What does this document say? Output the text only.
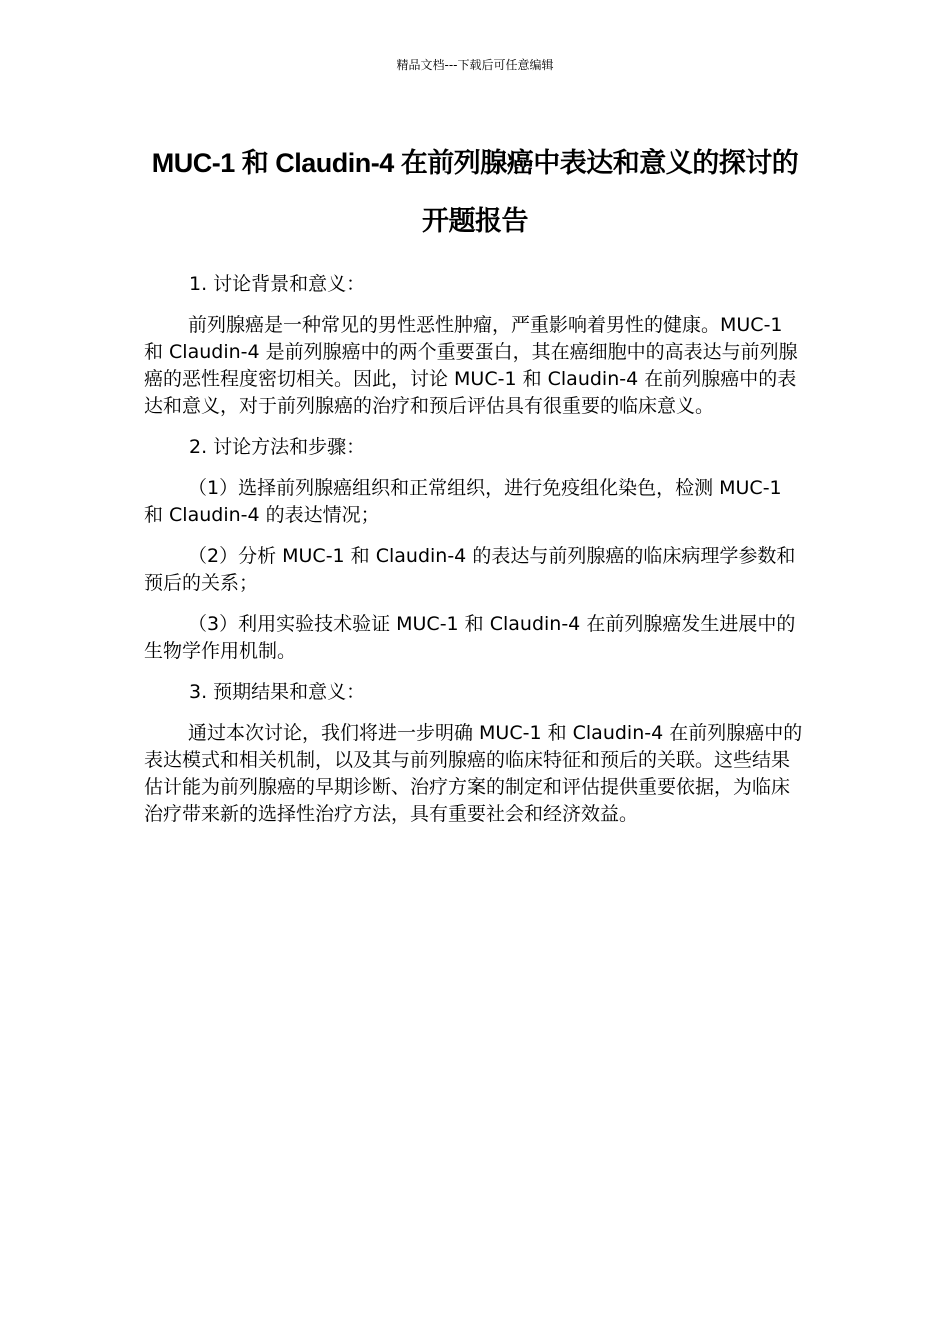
精品文档---下载后可任意编辑
MUC-1 和 Claudin-4 在前列腺癌中表达和意义的探讨的开题报告

1. 讨论背景和意义：

前列腺癌是一种常见的男性恶性肿瘤，严重影响着男性的健康。MUC-1 和 Claudin-4 是前列腺癌中的两个重要蛋白，其在癌细胞中的高表达与前列腺癌的恶性程度密切相关。因此，讨论 MUC-1 和 Claudin-4 在前列腺癌中的表达和意义，对于前列腺癌的治疗和预后评估具有很重要的临床意义。

2. 讨论方法和步骤：

（1）选择前列腺癌组织和正常组织，进行免疫组化染色，检测 MUC-1 和 Claudin-4 的表达情况；

（2）分析 MUC-1 和 Claudin-4 的表达与前列腺癌的临床病理学参数和预后的关系；

（3）利用实验技术验证 MUC-1 和 Claudin-4 在前列腺癌发生进展中的生物学作用机制。

3. 预期结果和意义：

通过本次讨论，我们将进一步明确 MUC-1 和 Claudin-4 在前列腺癌中的表达模式和相关机制，以及其与前列腺癌的临床特征和预后的关联。这些结果估计能为前列腺癌的早期诊断、治疗方案的制定和评估提供重要依据，为临床治疗带来新的选择性治疗方法，具有重要社会和经济效益。
